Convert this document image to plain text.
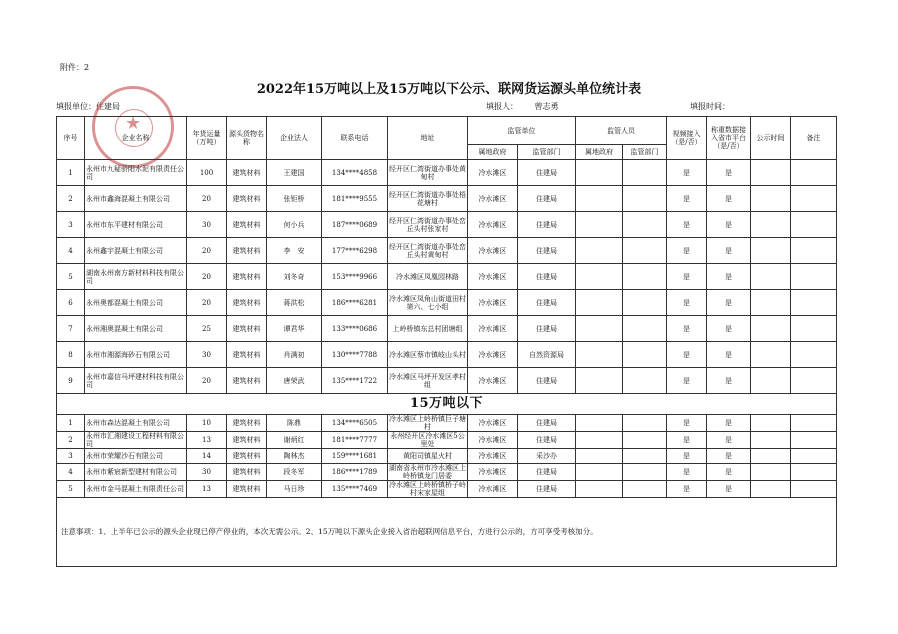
附件：2
2022年15万吨以上及15万吨以下公示、联网货运源头单位统计表
填报单位：住建局	填报人： 曾志勇	填报时间：
★
序号	企业名称	年货运量（万吨）	源头货物名称	企业法人	联系电话	地址	监管单位		监管人员		视频接入（是/否）	称重数据接入省市平台（是/否）	公示时间	备注
							属地政府	监管部门	属地政府	监管部门				
1	永州市九疑骄阳水泥有限责任公司	100	建筑材料	王建国	134****4858	经开区仁湾街道办事处黄甸村	冷水滩区	住建局			是	是		
2	永州市鑫海混凝土有限公司	20	建筑材料	张钜桥	181****9555	经开区仁湾街道办事处梧花塘村	冷水滩区	住建局			是	是		
3	永州市东平建材有限公司	30	建筑材料	何小兵	187****0689	经开区仁湾街道办事处峦丘头村张家村	冷水滩区	住建局			是	是		
4	永州鑫宇混凝土有限公司	20	建筑材料	李　安	177****6298	经开区仁湾街道办事处峦丘头村黄甸村	冷水滩区	住建局			是	是		
5	湖南永州南方新材料科技有限公司	20	建筑材料	刘冬奇	153****9966	冷水滩区凤凰园林路	冷水滩区	住建局			是	是		
6	永州奥都混凝土有限公司	20	建筑材料	蒋洪松	186****6281	冷水滩区凤角山街道田村第六、七小组	冷水滩区	住建局			是	是		
7	永州湘奥混凝土有限公司	25	建筑材料	谭君华	133****0686	上岭桥镇东总村团塘组	冷水滩区	住建局			是	是		
8	永州市湘源海砂石有限公司	30	建筑材料	肖满初	130****7788	冷水滩区蔡市镇岐山头村	冷水滩区	自然资源局			是	是		
9	永州市嘉信马坪建材科技有限公司	20	建筑材料	唐荣武	135****1722	冷水滩区马坪开发区孝村组	冷水滩区	住建局			是	是		
15万吨以下														
1	永州市森达混凝土有限公司	10	建筑材料	陈鼎	134****6505	冷水滩区上岭桥镇巨子塘村	冷水滩区	住建局			是	是		
2	永州市汇湘建设工程材料有限公司	13	建筑材料	谢炳红	181****7777	永州经开区冷水滩区5公里处	冷水滩区	住建局			是	是		
3	永州市荣耀沙石有限公司	14	建筑材料	陶林杰	159****1681	黄阳司镇星火村	冷水滩区	采沙办			是	是		
4	永州市紫宸新型建材有限公司	30	建筑材料	段冬军	186****1789	湖南省永州市冷水滩区上岭桥镇龙门居委	冷水滩区	住建局			是	是		
5	永州市金马混凝土有限责任公司	13	建筑材料	马日珍	135****7469	冷水滩区上岭桥镇桥子岭村宋家屋组	冷水滩区	住建局			是	是		
注意事项：1、上半年已公示的源头企业现已停产停业的，本次无需公示。2、15万吨以下源头企业接入省治超联网信息平台，方进行公示的，方可享受考核加分。														
